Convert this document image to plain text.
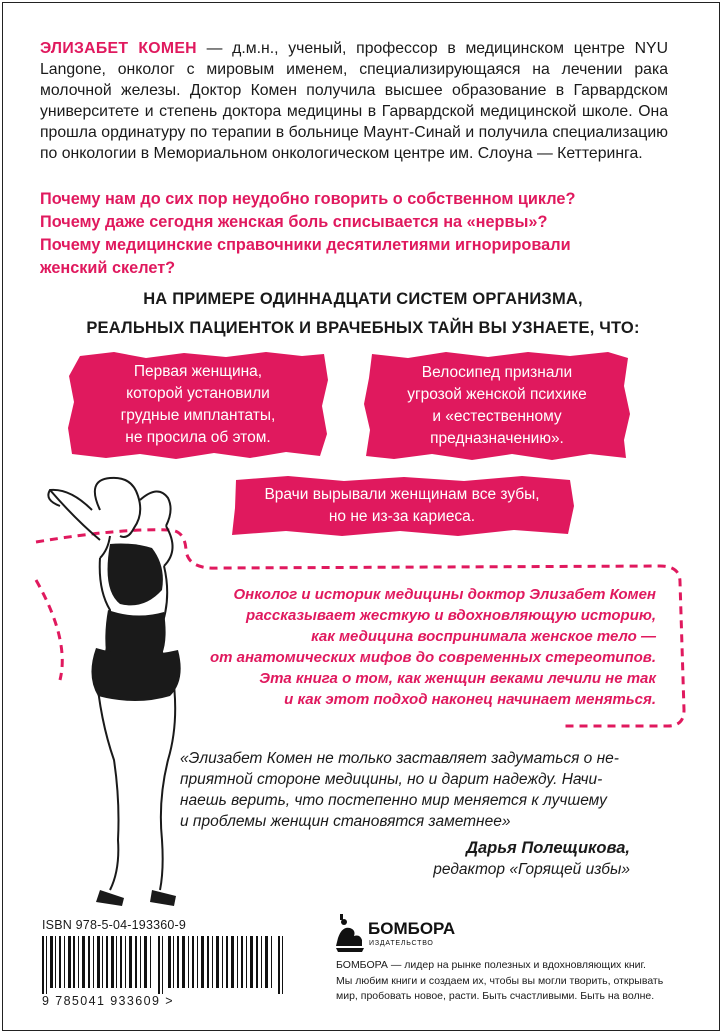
ЭЛИЗАБЕТ КОМЕН — д.м.н., ученый, профессор в медицинском центре NYU Langone, онколог с мировым именем, специализирующаяся на лечении рака молочной железы. Доктор Комен получила высшее образование в Гарвардском университете и степень доктора медицины в Гарвардской медицинской школе. Она прошла ординатуру по терапии в больнице Маунт-Синай и получила специализацию по онкологии в Мемориальном онкологическом центре им. Слоуна — Кеттеринга.

Почему нам до сих пор неудобно говорить о собственном цикле?
Почему даже сегодня женская боль списывается на «нервы»?
Почему медицинские справочники десятилетиями игнорировали
женский скелет?
НА ПРИМЕРЕ ОДИННАДЦАТИ СИСТЕМ ОРГАНИЗМА,
РЕАЛЬНЫХ ПАЦИЕНТОК И ВРАЧЕБНЫХ ТАЙН ВЫ УЗНАЕТЕ, ЧТО:
Первая женщина,
которой установили
грудные имплантаты,
не просила об этом.
Велосипед признали
угрозой женской психике
и «естественному
предназначению».
Врачи вырывали женщинам все зубы,
но не из-за кариеса.
Онколог и историк медицины доктор Элизабет Комен
рассказывает жесткую и вдохновляющую историю,
как медицина воспринимала женское тело —
от анатомических мифов до современных стереотипов.
Эта книга о том, как женщин веками лечили не так
и как этот подход наконец начинает меняться.
«Элизабет Комен не только заставляет задуматься о не-
приятной стороне медицины, но и дарит надежду. Начи-
наешь верить, что постепенно мир меняется к лучшему
и проблемы женщин становятся заметнее»
Дарья Полещикова,
редактор «Горящей избы»
ISBN 978-5-04-193360-9
9 785041 933609 >
БОМБОРА
ИЗДАТЕЛЬСТВО
БОМБОРА — лидер на рынке полезных и вдохновляющих книг.
Мы любим книги и создаем их, чтобы вы могли творить, открывать
мир, пробовать новое, расти. Быть счастливыми. Быть на волне.
